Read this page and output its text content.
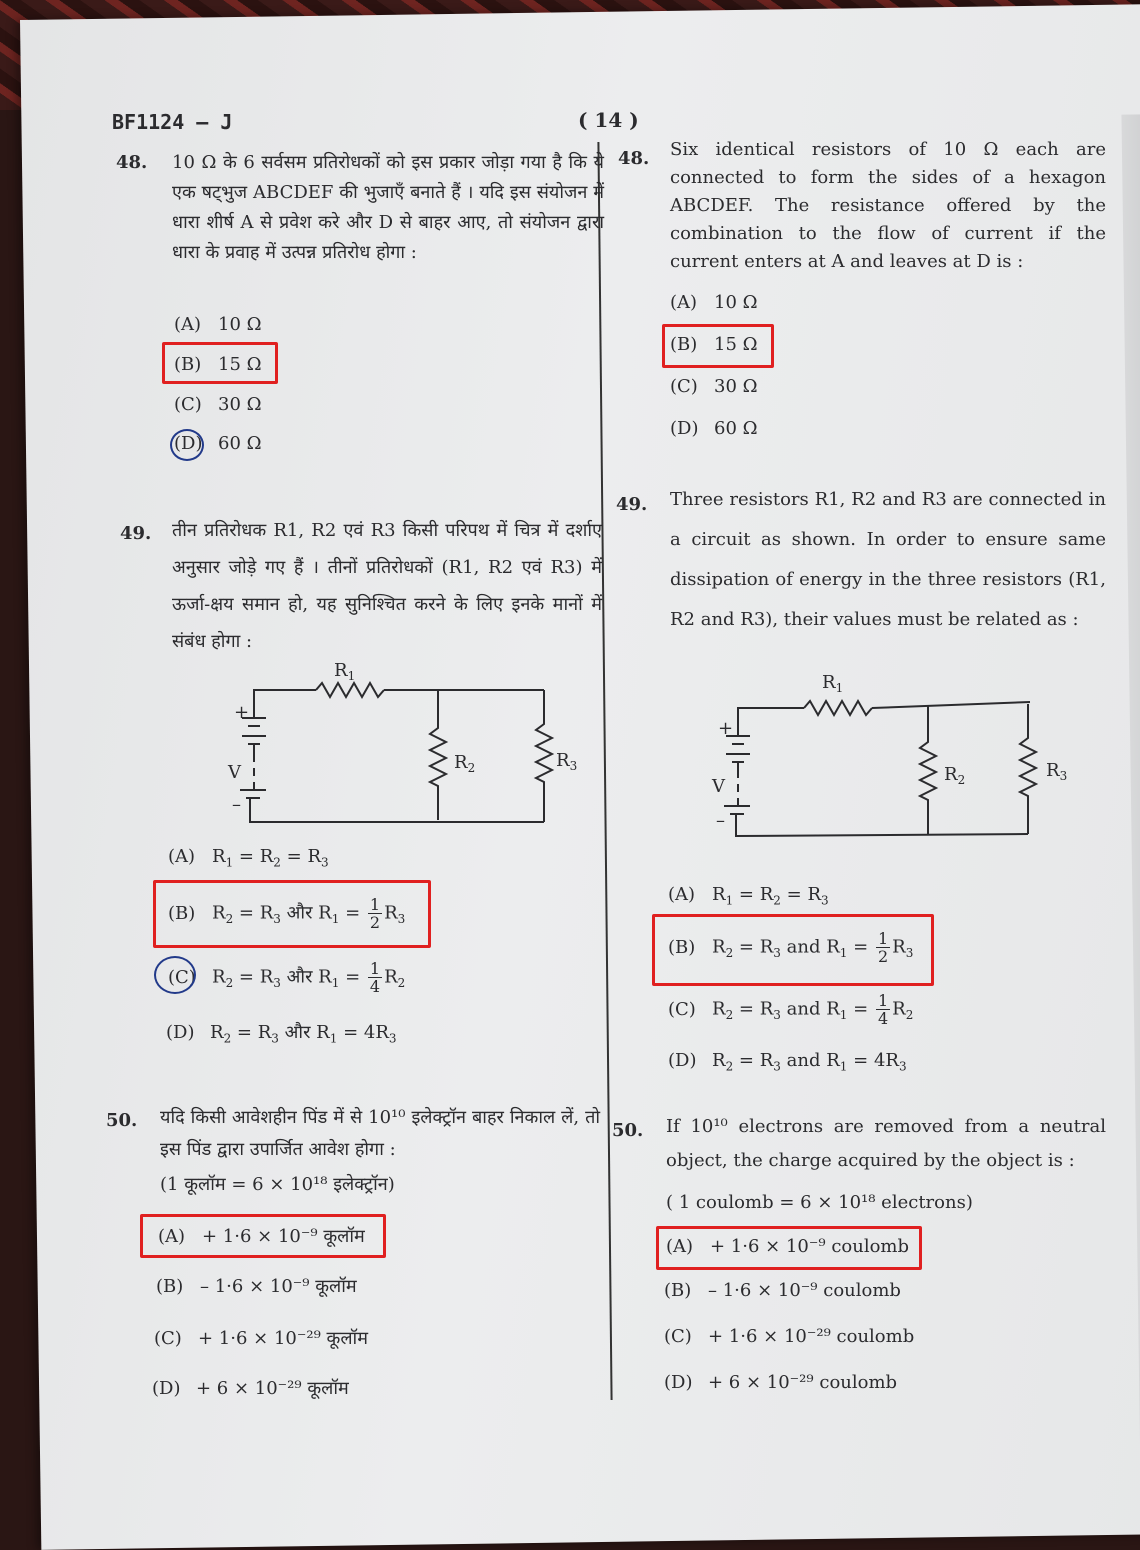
BF1124 – J	( 14 )
48. 10 Ω के 6 सर्वसम प्रतिरोधकों को इस प्रकार जोड़ा गया है कि ये एक षट्भुज ABCDEF की भुजाएँ बनाते हैं । यदि इस संयोजन में धारा शीर्ष A से प्रवेश करे और D से बाहर आए, तो संयोजन द्वारा धारा के प्रवाह में उत्पन्न प्रतिरोध होगा :
(A) 10 Ω
(B) 15 Ω
(C) 30 Ω
(D) 60 Ω
49. तीन प्रतिरोधक R1, R2 एवं R3 किसी परिपथ में चित्र में दर्शाए अनुसार जोड़े गए हैं । तीनों प्रतिरोधकों (R1, R2 एवं R3) में ऊर्जा-क्षय समान हो, यह सुनिश्चित करने के लिए इनके मानों में संबंध होगा :
$R_1$
$R_2$	$R_3$
V
+
–
(A) $R_1 = R_2 = R_3$
(B) $R_2 = R_3$ और $R_1 = \frac{1}{2} R_3$
(C) $R_2 = R_3$ और $R_1 = \frac{1}{4} R_2$
(D) $R_2 = R_3$ और $R_1 = 4R_3$
50. यदि किसी आवेशहीन पिंड में से 10¹⁰ इलेक्ट्रॉन बाहर निकाल लें, तो इस पिंड द्वारा उपार्जित आवेश होगा :
(1 कूलॉम = 6 × 10¹⁸ इलेक्ट्रॉन)
(A) + 1·6 × 10⁻⁹ कूलॉम
(B) – 1·6 × 10⁻⁹ कूलॉम
(C) + 1·6 × 10⁻²⁹ कूलॉम
(D) + 6 × 10⁻²⁹ कूलॉम
48. Six identical resistors of 10 Ω each are connected to form the sides of a hexagon ABCDEF. The resistance offered by the combination to the flow of current if the current enters at A and leaves at D is :
(A) 10 Ω
(B) 15 Ω
(C) 30 Ω
(D) 60 Ω
49. Three resistors R1, R2 and R3 are connected in a circuit as shown. In order to ensure same dissipation of energy in the three resistors (R1, R2 and R3), their values must be related as :
$R_1$
$R_2$	$R_3$
V
+
–
(A) $R_1 = R_2 = R_3$
(B) $R_2 = R_3$ and $R_1 = \frac{1}{2} R_3$
(C) $R_2 = R_3$ and $R_1 = \frac{1}{4} R_2$
(D) $R_2 = R_3$ and $R_1 = 4R_3$
50. If 10¹⁰ electrons are removed from a neutral object, the charge acquired by the object is :
( 1 coulomb = 6 × 10¹⁸ electrons)
(A) + 1·6 × 10⁻⁹ coulomb
(B) – 1·6 × 10⁻⁹ coulomb
(C) + 1·6 × 10⁻²⁹ coulomb
(D) + 6 × 10⁻²⁹ coulomb
